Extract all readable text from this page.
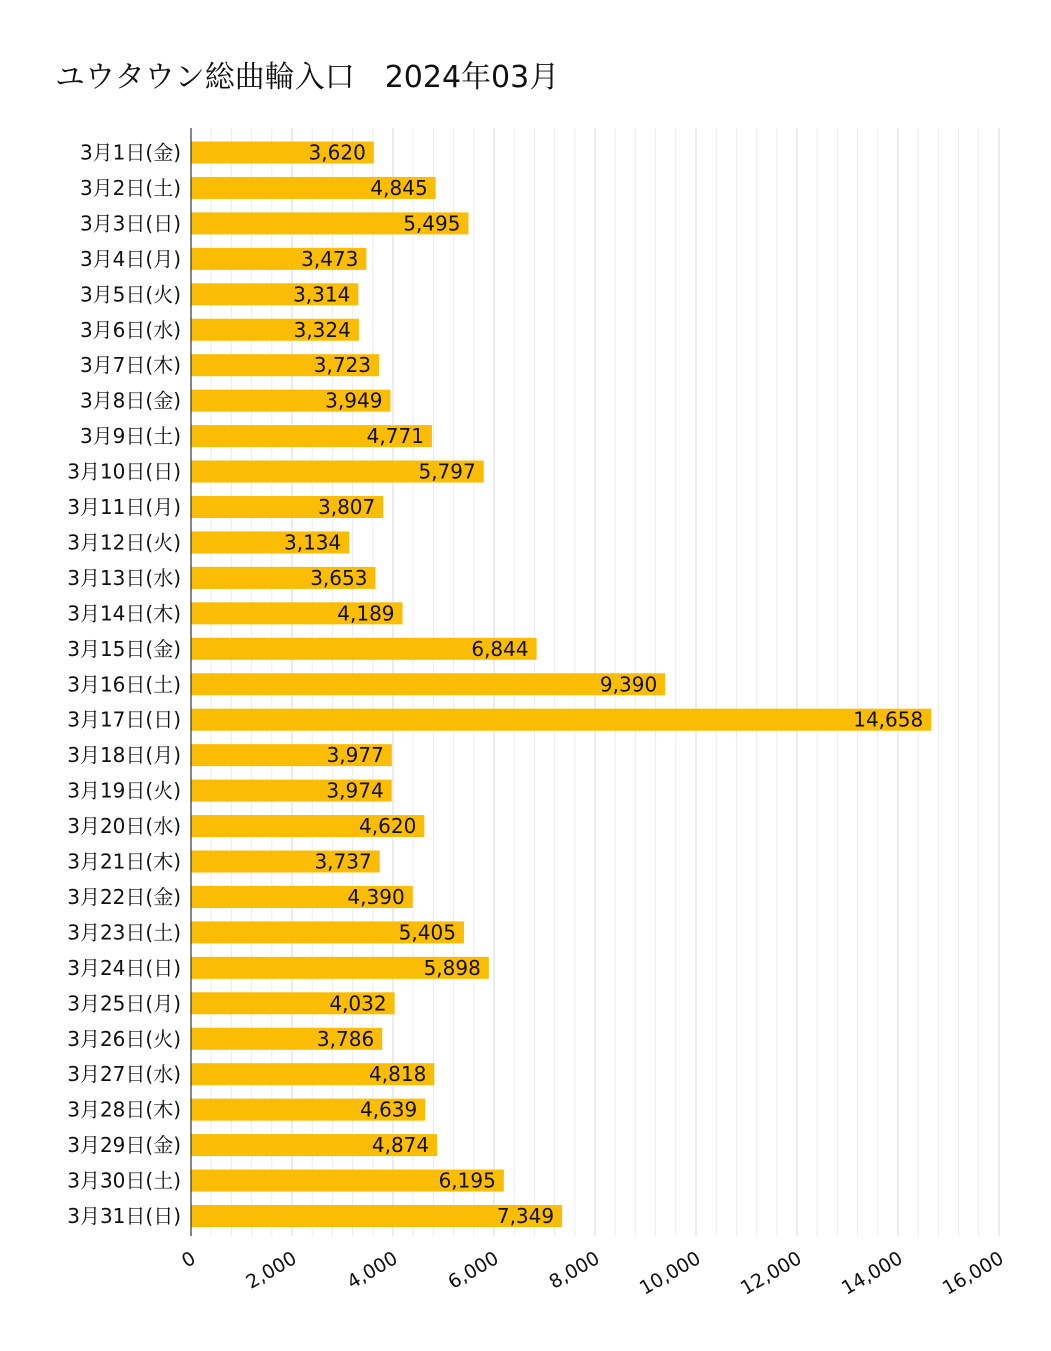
ユウタウン総曲輪入口　2024年03月
0 2,000 4,000 6,000 8,000 10,000 12,000 14,000 16,000
3,620
3月1日(金)
4,845
3月2日(土)
5,495
3月3日(日)
3,473
3月4日(月)
3,314
3月5日(火)
3,324
3月6日(水)
3,723
3月7日(木)
3,949
3月8日(金)
4,771
3月9日(土)
5,797
3月10日(日)
3,807
3月11日(月)
3,134
3月12日(火)
3,653
3月13日(水)
4,189
3月14日(木)
6,844
3月15日(金)
9,390
3月16日(土)
14,658
3月17日(日)
3,977
3月18日(月)
3,974
3月19日(火)
4,620
3月20日(水)
3,737
3月21日(木)
4,390
3月22日(金)
5,405
3月23日(土)
5,898
3月24日(日)
4,032
3月25日(月)
3,786
3月26日(火)
4,818
3月27日(水)
4,639
3月28日(木)
4,874
3月29日(金)
6,195
3月30日(土)
7,349
3月31日(日)
